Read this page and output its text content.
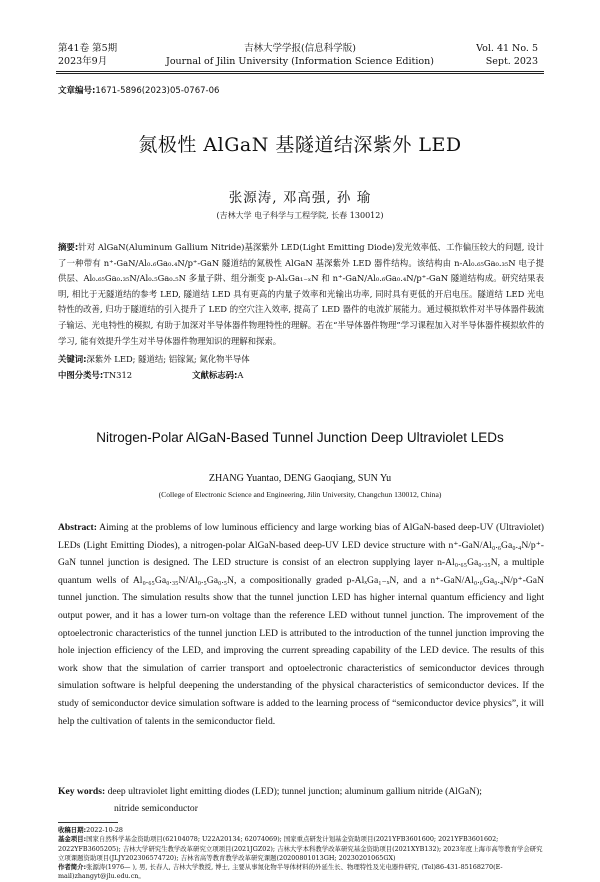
第41卷 第5期
2023年9月
吉林大学学报(信息科学版)
Journal of Jilin University (Information Science Edition)
Vol. 41 No. 5
Sept. 2023
文章编号:1671-5896(2023)05-0767-06
氮极性 AlGaN 基隧道结深紫外 LED
张源涛, 邓高强, 孙 瑜
(吉林大学 电子科学与工程学院, 长春 130012)
摘要:针对 AlGaN(Aluminum Gallium Nitride)基深紫外 LED(Light Emitting Diode)发光效率低、工作偏压较大的问题, 设计了一种带有 n⁺-GaN/Al₀.₆Ga₀.₄N/p⁺-GaN 隧道结的氮极性 AlGaN 基深紫外 LED 器件结构。该结构由 n-Al₀.₆₅Ga₀.₃₅N 电子提供层、Al₀.₆₅Ga₀.₃₅N/Al₀.₅Ga₀.₅N 多量子阱、组分渐变 p-AlₓGa₁₋ₓN 和 n⁺-GaN/Al₀.₆Ga₀.₄N/p⁺-GaN 隧道结构成。研究结果表明, 相比于无隧道结的参考 LED, 隧道结 LED 具有更高的内量子效率和光输出功率, 同时具有更低的开启电压。隧道结 LED 光电特性的改善, 归功于隧道结的引入提升了 LED 的空穴注入效率, 提高了 LED 器件的电流扩展能力。通过模拟软件对半导体器件载流子输运、光电特性的模拟, 有助于加深对半导体器件物理特性的理解。若在“半导体器件物理”学习课程加入对半导体器件模拟软件的学习, 能有效提升学生对半导体器件物理知识的理解和探索。
关键词:深紫外 LED; 隧道结; 铝镓氮; 氮化物半导体
中图分类号:TN312	文献标志码:A
Nitrogen-Polar AlGaN-Based Tunnel Junction Deep Ultraviolet LEDs
ZHANG Yuantao, DENG Gaoqiang, SUN Yu
(College of Electronic Science and Engineering, Jilin University, Changchun 130012, China)
Abstract: Aiming at the problems of low luminous efficiency and large working bias of AlGaN-based deep-UV (Ultraviolet) LEDs (Light Emitting Diodes), a nitrogen-polar AlGaN-based deep-UV LED device structure with n⁺-GaN/Al₀.₆Ga₀.₄N/p⁺-GaN tunnel junction is designed. The LED structure is consist of an electron supplying layer n-Al₀.₆₅Ga₀.₃₅N, a multiple quantum wells of Al₀.₆₅Ga₀.₃₅N/Al₀.₅Ga₀.₅N, a compositionally graded p-AlₓGa₁₋ₓN, and a n⁺-GaN/Al₀.₆Ga₀.₄N/p⁺-GaN tunnel junction. The simulation results show that the tunnel junction LED has higher internal quantum efficiency and light output power, and it has a lower turn-on voltage than the reference LED without tunnel junction. The improvement of the optoelectronic characteristics of the tunnel junction LED is attributed to the introduction of the tunnel junction improving the hole injection efficiency of the LED, and improving the current spreading capability of the LED device. The results of this work show that the simulation of carrier transport and optoelectronic characteristics of semiconductor devices through simulation software is helpful deepening the understanding of the physical characteristics of semiconductor devices. If the study of semiconductor device simulation software is added to the learning process of “semiconductor device physics”, it will help the cultivation of talents in the semiconductor field.
Key words: deep ultraviolet light emitting diodes (LED); tunnel junction; aluminum gallium nitride (AlGaN);
nitride semiconductor
收稿日期:2022-10-28
基金项目:国家自然科学基金资助项目(62104078; U22A20134; 62074069); 国家重点研发计划基金资助项目(2021YFB3601600; 2021YFB3601602; 2022YFB3605205); 吉林大学研究生教学改革研究立项项目(2021JGZ02); 吉林大学本科教学改革研究基金资助项目(2021XYB132); 2023年度上海市高等教育学会研究立项课题资助项目(JLJY202306574720); 吉林省高等教育教学改革研究课题(20200801013GH; 20230201065GX)
作者简介:张源涛(1976— ), 男, 长春人, 吉林大学教授, 博士, 主要从事氮化物半导体材料的外延生长、物理特性及光电器件研究, (Tel)86-431-85168270(E-mail)zhangyt@jlu.edu.cn。
